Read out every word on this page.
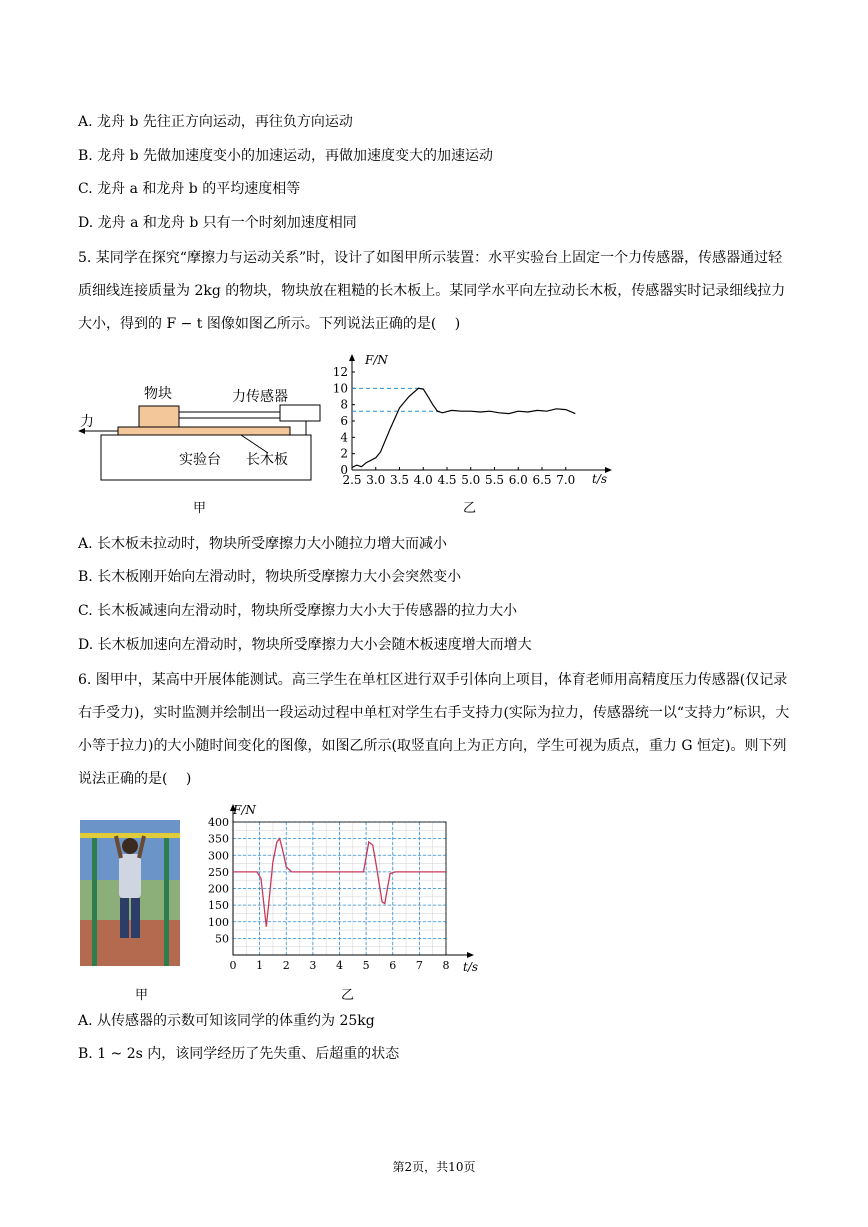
A. 龙舟 b 先往正方向运动，再往负方向运动
B. 龙舟 b 先做加速度变小的加速运动，再做加速度变大的加速运动
C. 龙舟 a 和龙舟 b 的平均速度相等
D. 龙舟 a 和龙舟 b 只有一个时刻加速度相同
5. 某同学在探究“摩擦力与运动关系”时，设计了如图甲所示装置：水平实验台上固定一个力传感器，传感器通过轻质细线连接质量为 2kg 的物块，物块放在粗糙的长木板上。某同学水平向左拉动长木板，传感器实时记录细线拉力大小，得到的 F − t 图像如图乙所示。下列说法正确的是(　 )
物块	力传感器
力
实验台 长木板
甲
0
2
4
6
8
10
12
2.5 3.0 3.5 4.0 4.5 5.0 5.5 6.0 6.5 7.0
F/N
t/s
乙
A. 长木板未拉动时，物块所受摩擦力大小随拉力增大而减小
B. 长木板刚开始向左滑动时，物块所受摩擦力大小会突然变小
C. 长木板减速向左滑动时，物块所受摩擦力大小大于传感器的拉力大小
D. 长木板加速向左滑动时，物块所受摩擦力大小会随木板速度增大而增大
6. 图甲中，某高中开展体能测试。高三学生在单杠区进行双手引体向上项目，体育老师用高精度压力传感器(仅记录右手受力)，实时监测并绘制出一段运动过程中单杠对学生右手支持力(实际为拉力，传感器统一以“支持力”标识，大小等于拉力)的大小随时间变化的图像，如图乙所示(取竖直向上为正方向，学生可视为质点，重力 G 恒定)。则下列说法正确的是(　 )
甲
50
100
150
200
250
300
350
400
0 1 2 3 4 5 6 7 8
F/N
t/s
乙
A. 从传感器的示数可知该同学的体重约为 25kg
B. 1 ~ 2s 内，该同学经历了先失重、后超重的状态
第2页，共10页
